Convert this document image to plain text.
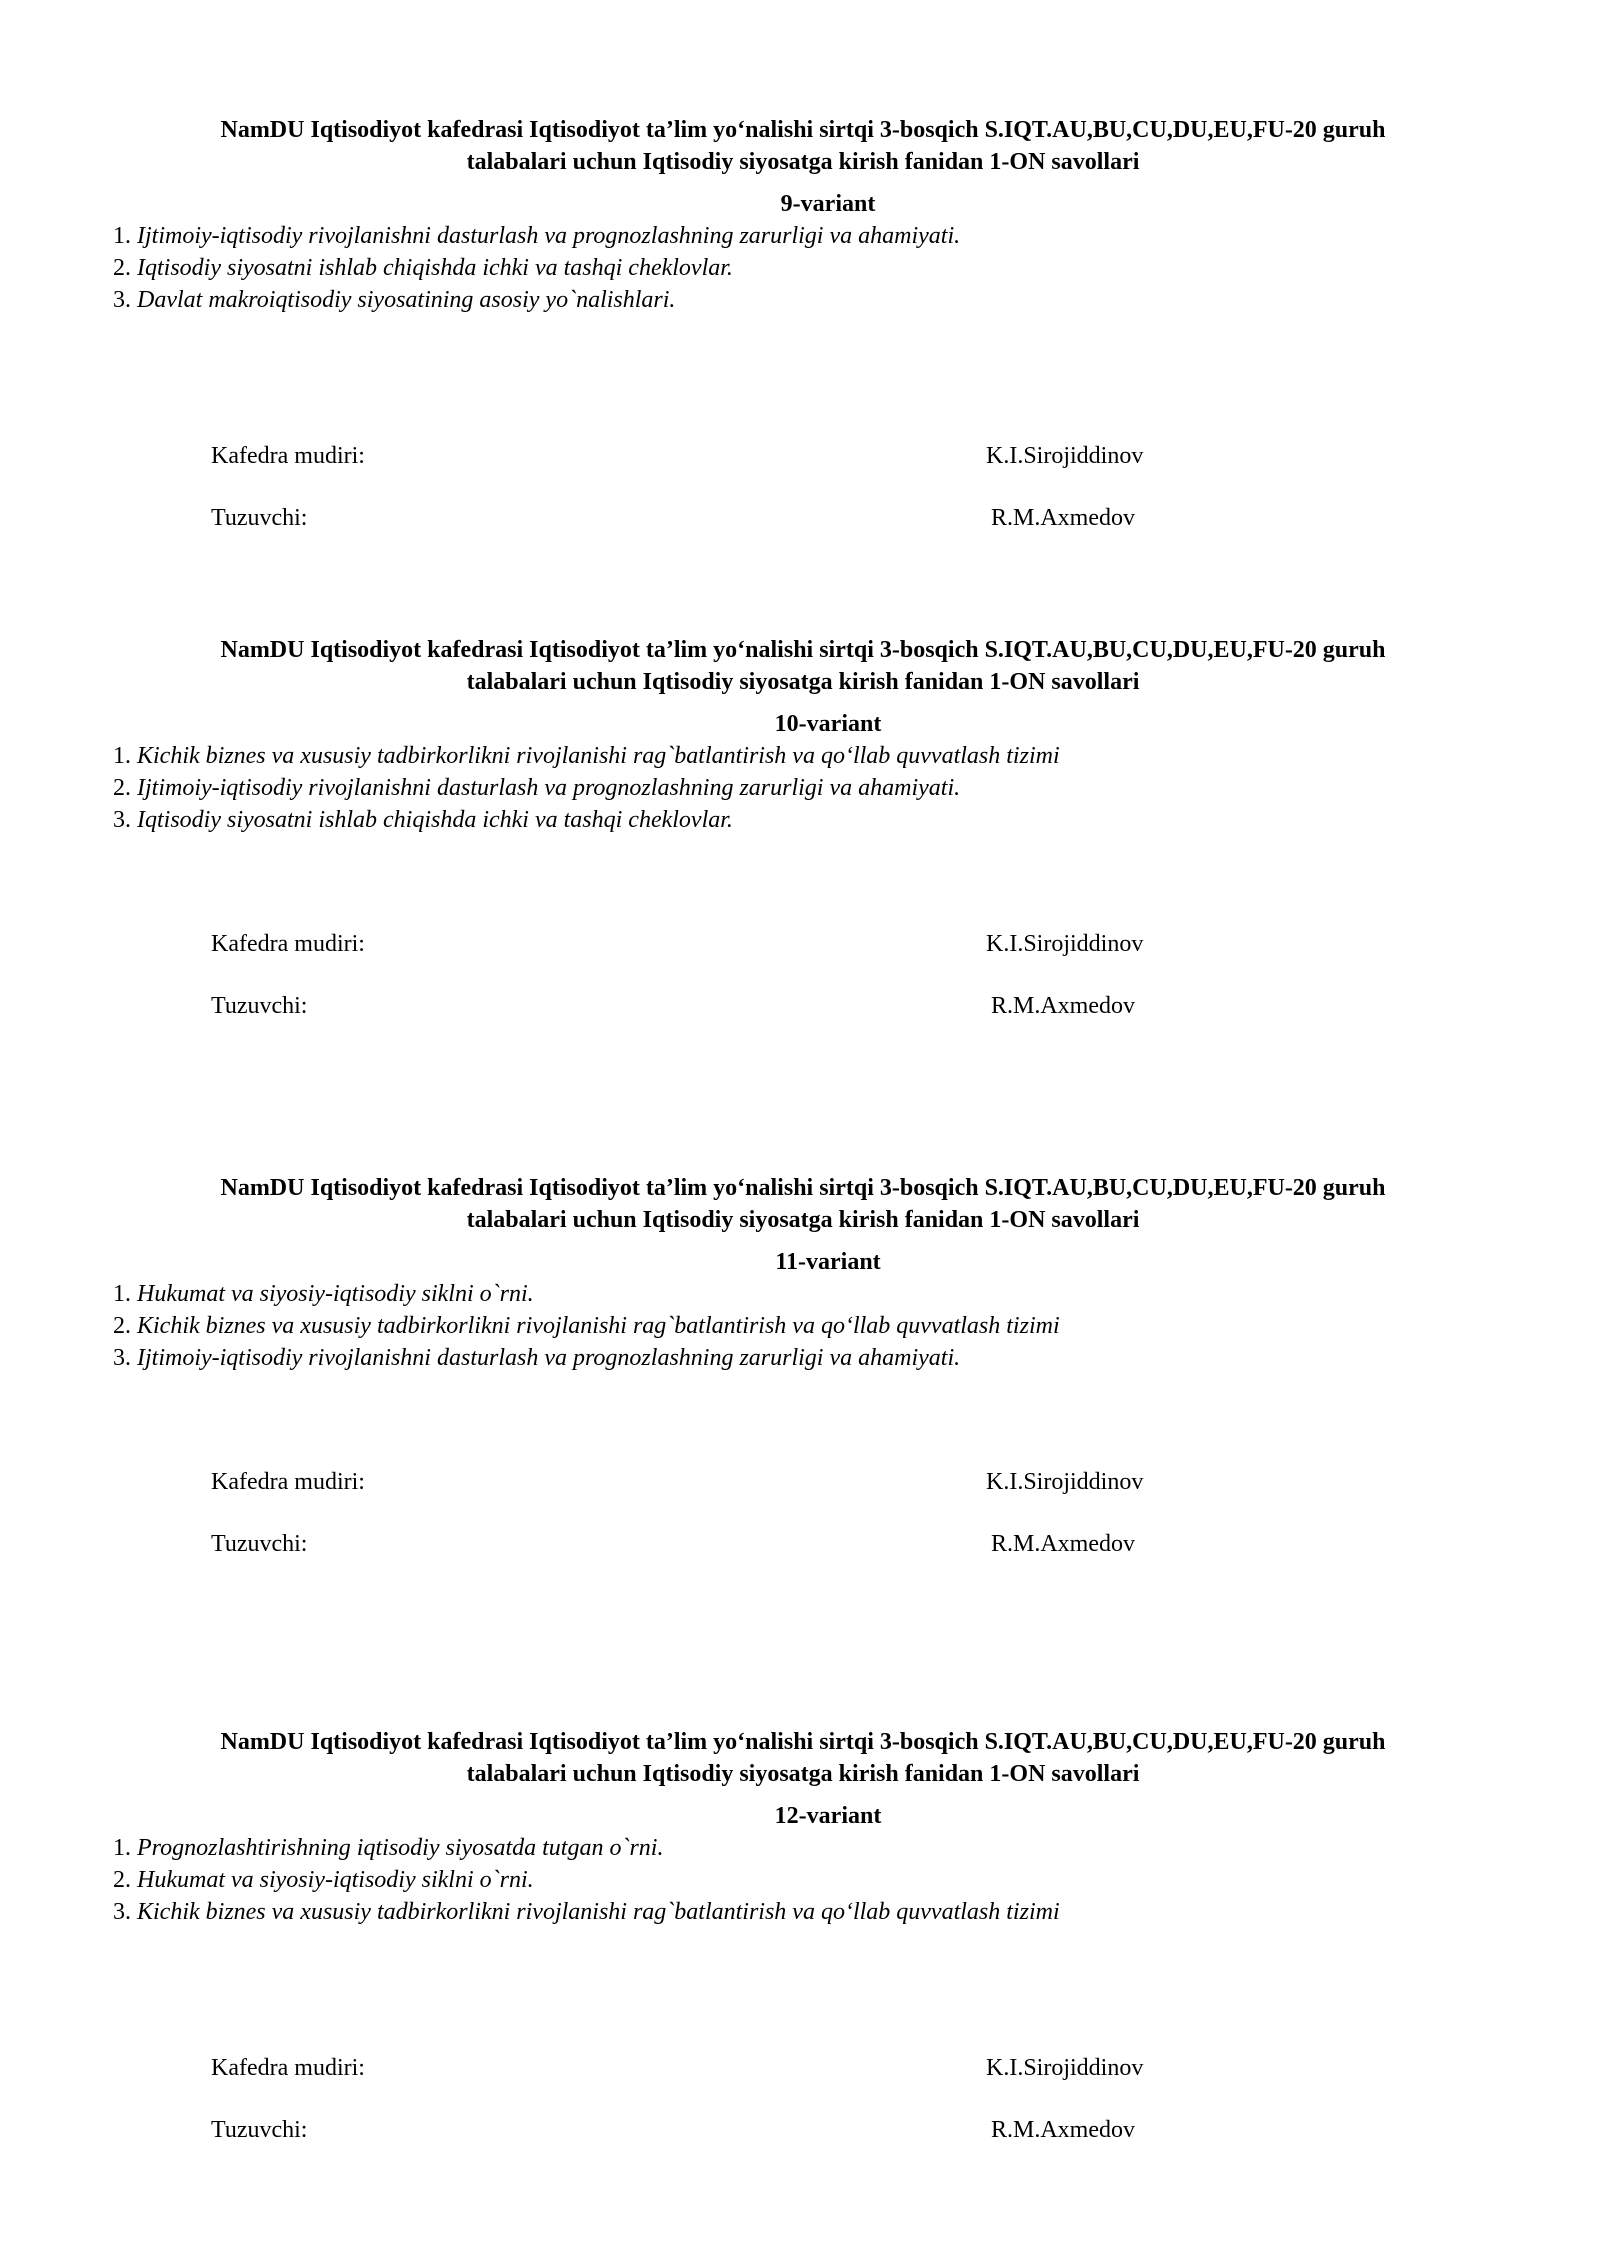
NamDU Iqtisodiyot kafedrasi Iqtisodiyot ta’lim yo‘nalishi sirtqi 3-bosqich S.IQT.AU,BU,CU,DU,EU,FU-20 guruh
talabalari uchun Iqtisodiy siyosatga kirish fanidan 1-ON savollari
9-variant
1. Ijtimoiy-iqtisodiy rivojlanishni dasturlash va prognozlashning zarurligi va ahamiyati.
2. Iqtisodiy siyosatni ishlab chiqishda ichki va tashqi cheklovlar.
3. Davlat makroiqtisodiy siyosatining asosiy yo`nalishlari.
Kafedra mudiri:	K.I.Sirojiddinov
Tuzuvchi:	R.M.Axmedov
NamDU Iqtisodiyot kafedrasi Iqtisodiyot ta’lim yo‘nalishi sirtqi 3-bosqich S.IQT.AU,BU,CU,DU,EU,FU-20 guruh
talabalari uchun Iqtisodiy siyosatga kirish fanidan 1-ON savollari
10-variant
1. Kichik biznes va xususiy tadbirkorlikni rivojlanishi rag`batlantirish va qo‘llab quvvatlash tizimi
2. Ijtimoiy-iqtisodiy rivojlanishni dasturlash va prognozlashning zarurligi va ahamiyati.
3. Iqtisodiy siyosatni ishlab chiqishda ichki va tashqi cheklovlar.
Kafedra mudiri:	K.I.Sirojiddinov
Tuzuvchi:	R.M.Axmedov
NamDU Iqtisodiyot kafedrasi Iqtisodiyot ta’lim yo‘nalishi sirtqi 3-bosqich S.IQT.AU,BU,CU,DU,EU,FU-20 guruh
talabalari uchun Iqtisodiy siyosatga kirish fanidan 1-ON savollari
11-variant
1. Hukumat va siyosiy-iqtisodiy siklni o`rni.
2. Kichik biznes va xususiy tadbirkorlikni rivojlanishi rag`batlantirish va qo‘llab quvvatlash tizimi
3. Ijtimoiy-iqtisodiy rivojlanishni dasturlash va prognozlashning zarurligi va ahamiyati.
Kafedra mudiri:	K.I.Sirojiddinov
Tuzuvchi:	R.M.Axmedov
NamDU Iqtisodiyot kafedrasi Iqtisodiyot ta’lim yo‘nalishi sirtqi 3-bosqich S.IQT.AU,BU,CU,DU,EU,FU-20 guruh
talabalari uchun Iqtisodiy siyosatga kirish fanidan 1-ON savollari
12-variant
1. Prognozlashtirishning iqtisodiy siyosatda tutgan o`rni.
2. Hukumat va siyosiy-iqtisodiy siklni o`rni.
3. Kichik biznes va xususiy tadbirkorlikni rivojlanishi rag`batlantirish va qo‘llab quvvatlash tizimi
Kafedra mudiri:	K.I.Sirojiddinov
Tuzuvchi:	R.M.Axmedov
